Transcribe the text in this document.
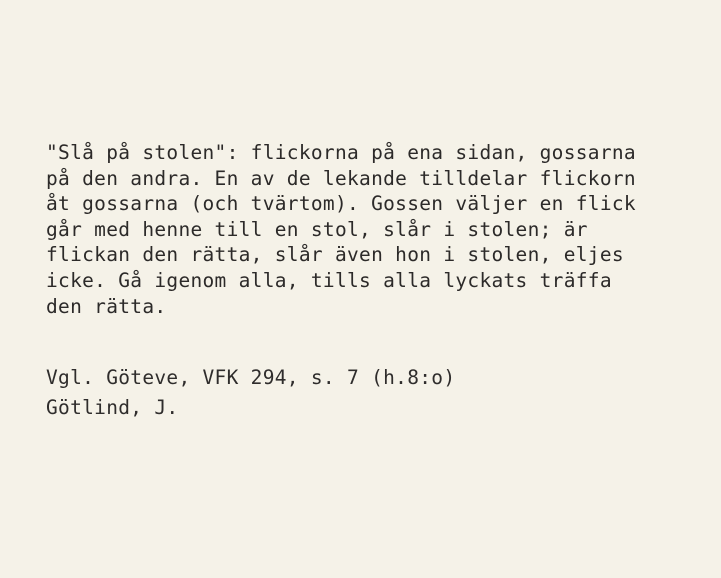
"Slå på stolen": flickorna på ena sidan, gossarna
på den andra. En av de lekande tilldelar flickorn
åt gossarna (och tvärtom). Gossen väljer en flick
går med henne till en stol, slår i stolen; är
flickan den rätta, slår även hon i stolen, eljes
icke. Gå igenom alla, tills alla lyckats träffa
den rätta.
Vgl. Göteve, VFK 294, s. 7 (h.8:o)
Götlind, J.
